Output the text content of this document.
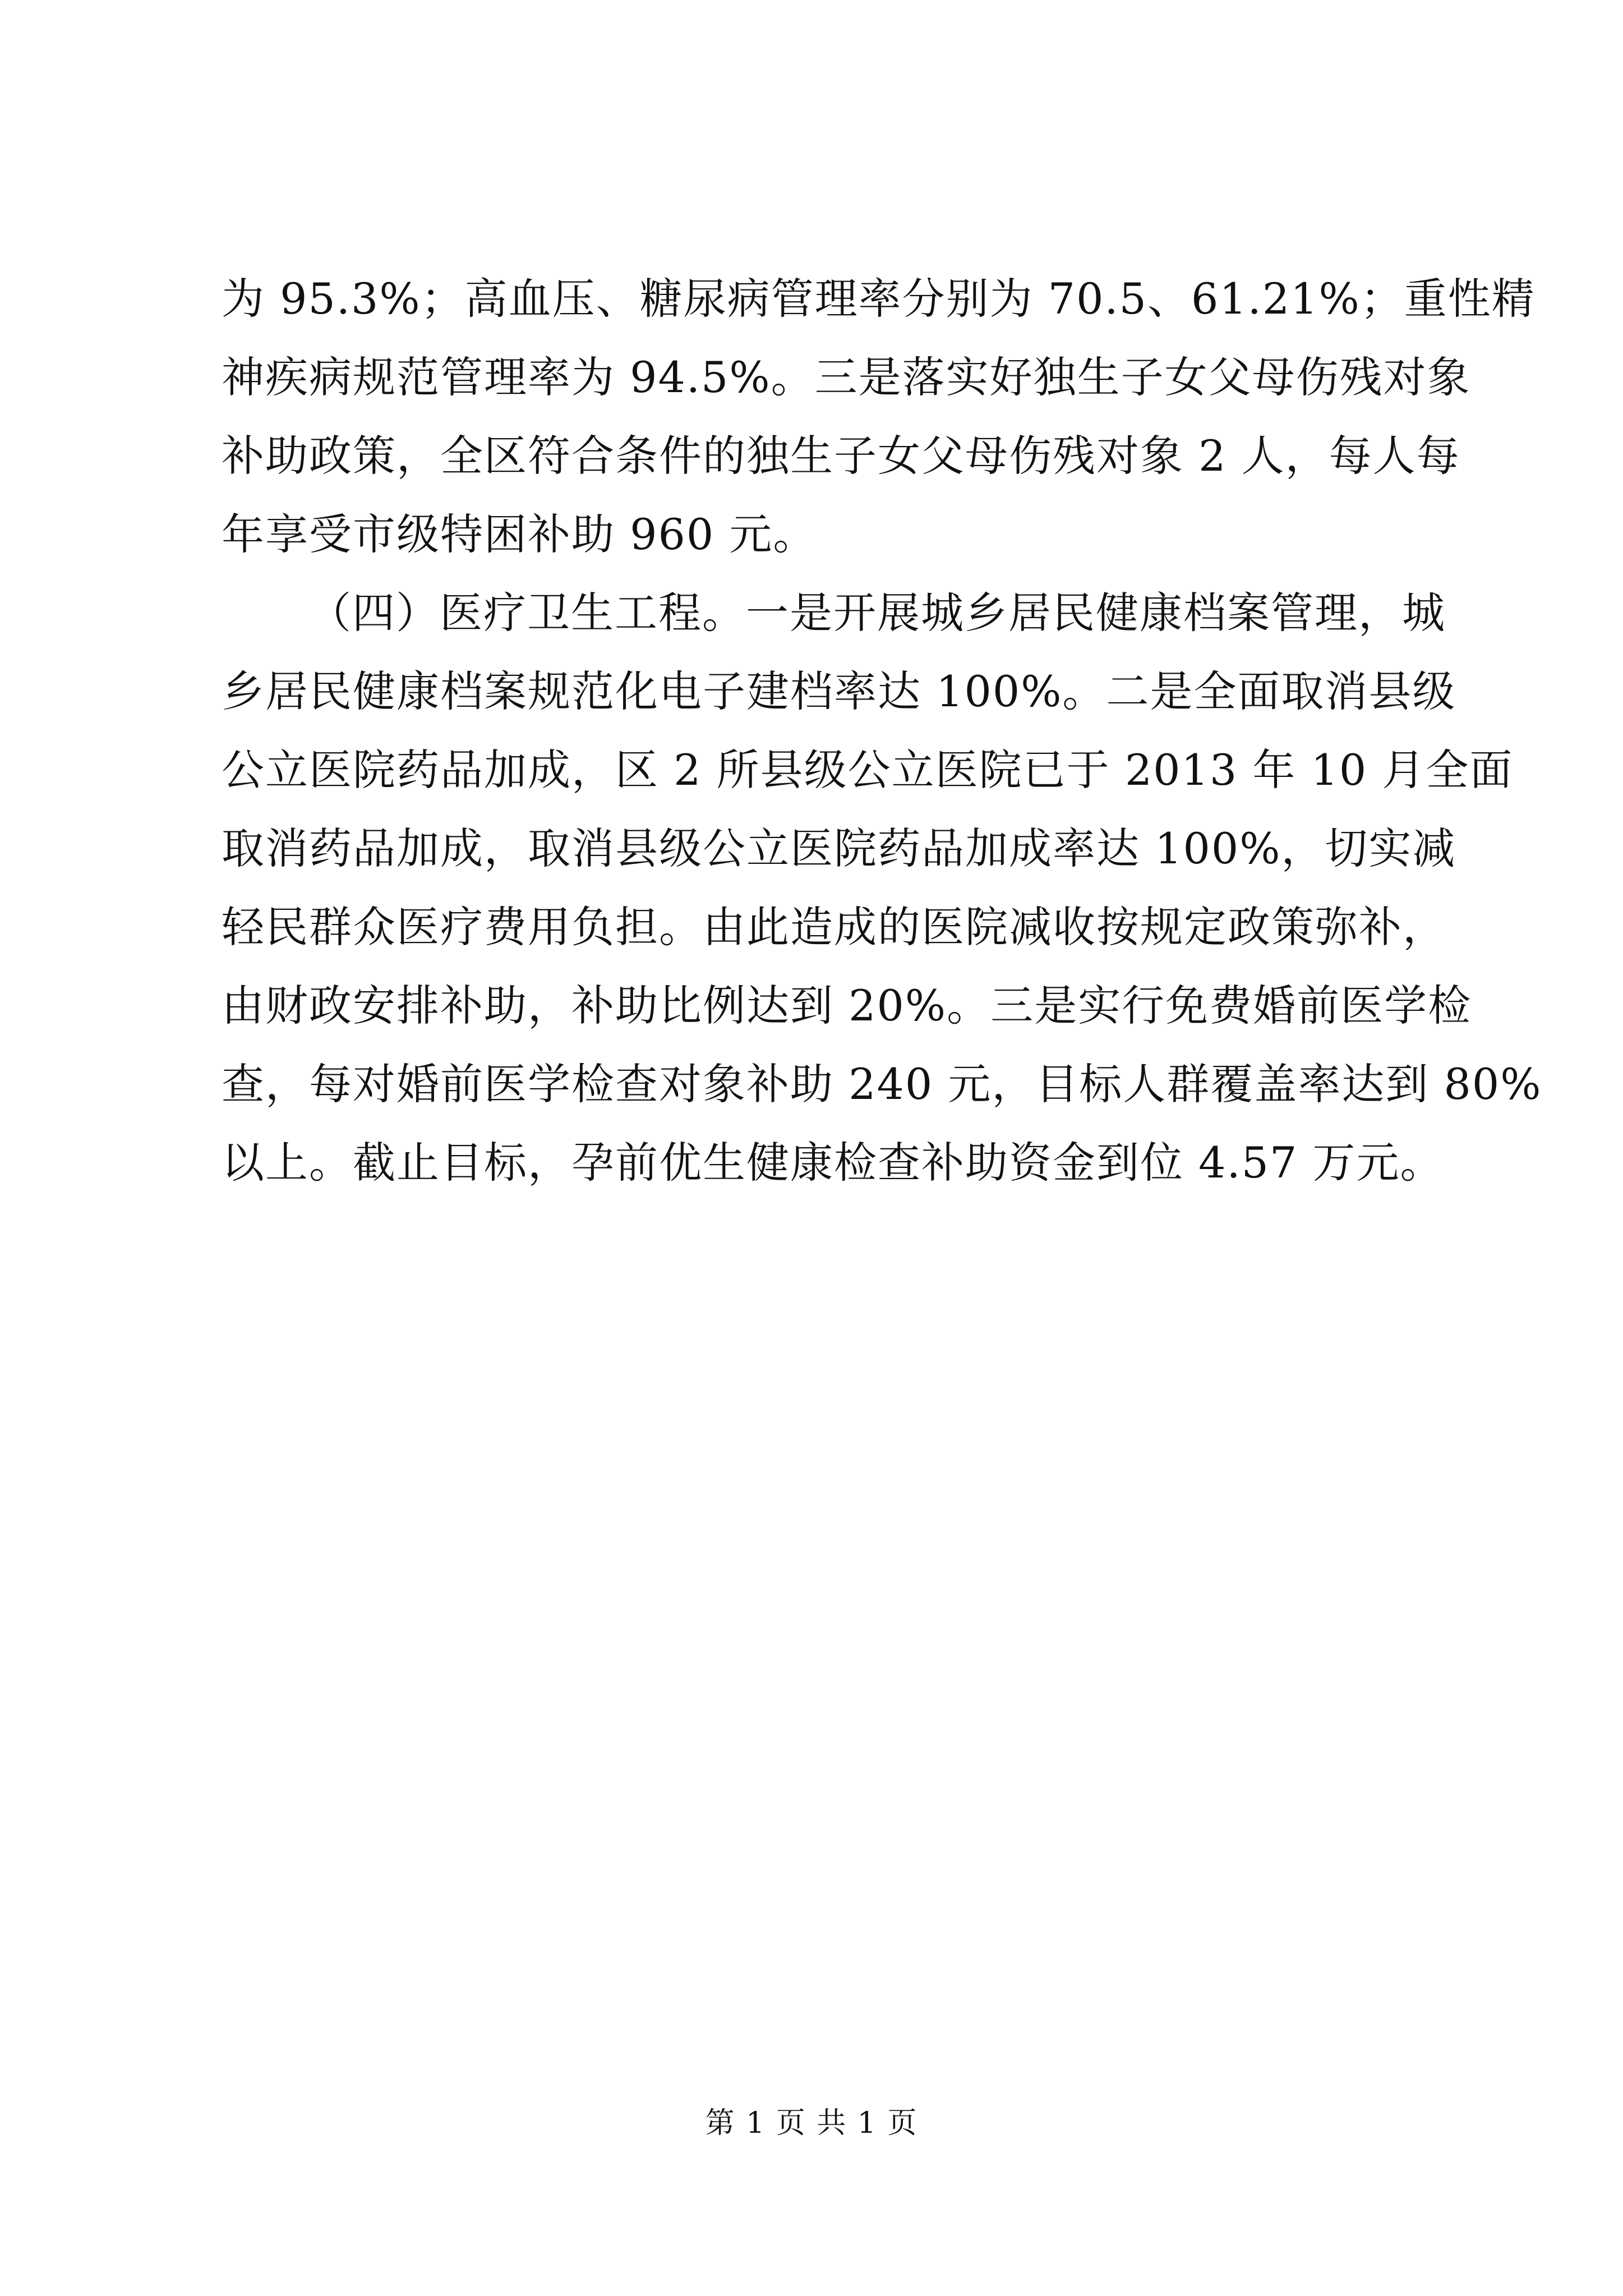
为 95.3%；高血压、糖尿病管理率分别为 70.5、61.21%；重性精
神疾病规范管理率为 94.5%。三是落实好独生子女父母伤残对象
补助政策，全区符合条件的独生子女父母伤残对象 2 人，每人每
年享受市级特困补助 960 元。
（四）医疗卫生工程。一是开展城乡居民健康档案管理，城
乡居民健康档案规范化电子建档率达 100%。二是全面取消县级
公立医院药品加成，区 2 所县级公立医院已于 2013 年 10 月全面
取消药品加成，取消县级公立医院药品加成率达 100%，切实减
轻民群众医疗费用负担。由此造成的医院减收按规定政策弥补，
由财政安排补助，补助比例达到 20%。三是实行免费婚前医学检
查，每对婚前医学检查对象补助 240 元，目标人群覆盖率达到 80%
以上。截止目标，孕前优生健康检查补助资金到位 4.57 万元。
第 1 页 共 1 页
